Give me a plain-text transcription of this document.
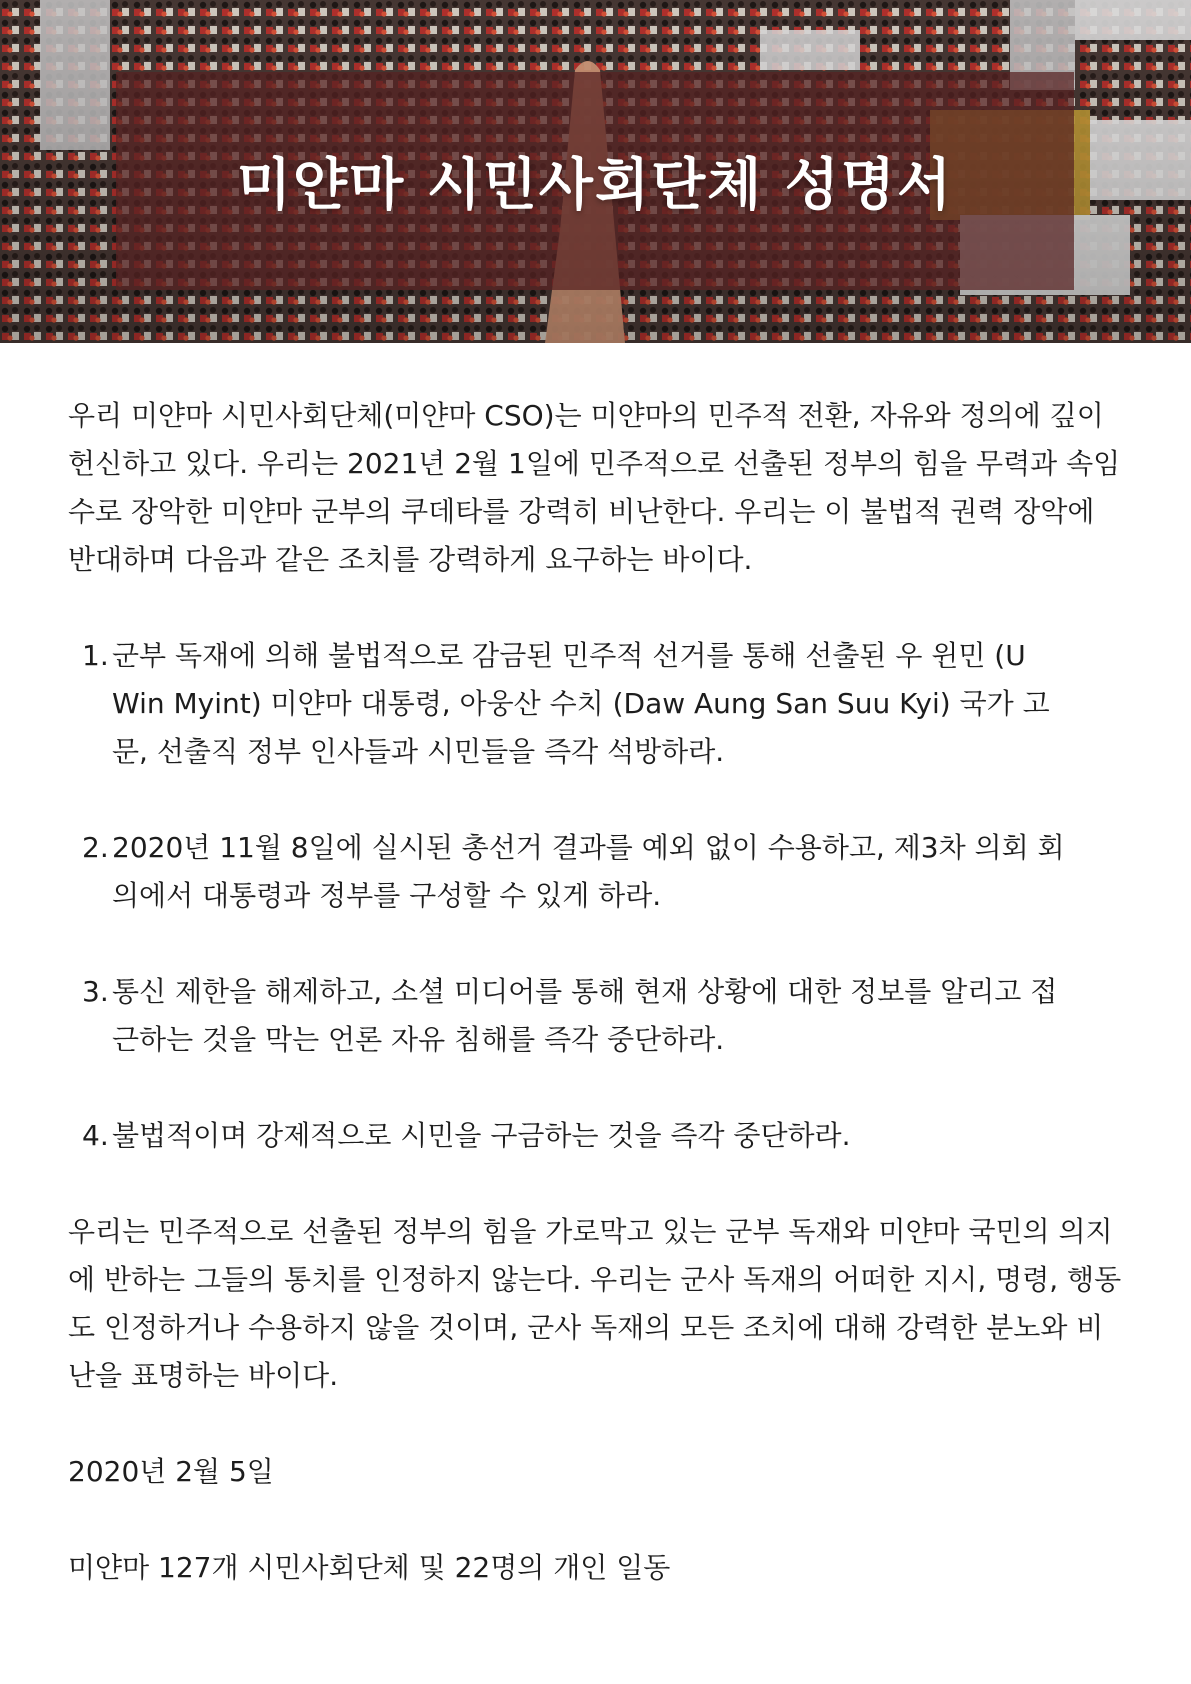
미얀마 시민사회단체 성명서

우리 미얀마 시민사회단체(미얀마 CSO)는 미얀마의 민주적 전환, 자유와 정의에 깊이 헌신하고 있다. 우리는 2021년 2월 1일에 민주적으로 선출된 정부의 힘을 무력과 속임수로 장악한 미얀마 군부의 쿠데타를 강력히 비난한다. 우리는 이 불법적 권력 장악에 반대하며 다음과 같은 조치를 강력하게 요구하는 바이다.

1. 군부 독재에 의해 불법적으로 감금된 민주적 선거를 통해 선출된 우 윈민 (U Win Myint) 미얀마 대통령, 아웅산 수치 (Daw Aung San Suu Kyi) 국가 고문, 선출직 정부 인사들과 시민들을 즉각 석방하라.
2. 2020년 11월 8일에 실시된 총선거 결과를 예외 없이 수용하고, 제3차 의회 회의에서 대통령과 정부를 구성할 수 있게 하라.
3. 통신 제한을 해제하고, 소셜 미디어를 통해 현재 상황에 대한 정보를 알리고 접근하는 것을 막는 언론 자유 침해를 즉각 중단하라.
4. 불법적이며 강제적으로 시민을 구금하는 것을 즉각 중단하라.

우리는 민주적으로 선출된 정부의 힘을 가로막고 있는 군부 독재와 미얀마 국민의 의지에 반하는 그들의 통치를 인정하지 않는다. 우리는 군사 독재의 어떠한 지시, 명령, 행동도 인정하거나 수용하지 않을 것이며, 군사 독재의 모든 조치에 대해 강력한 분노와 비난을 표명하는 바이다.

2020년 2월 5일

미얀마 127개 시민사회단체 및 22명의 개인 일동
